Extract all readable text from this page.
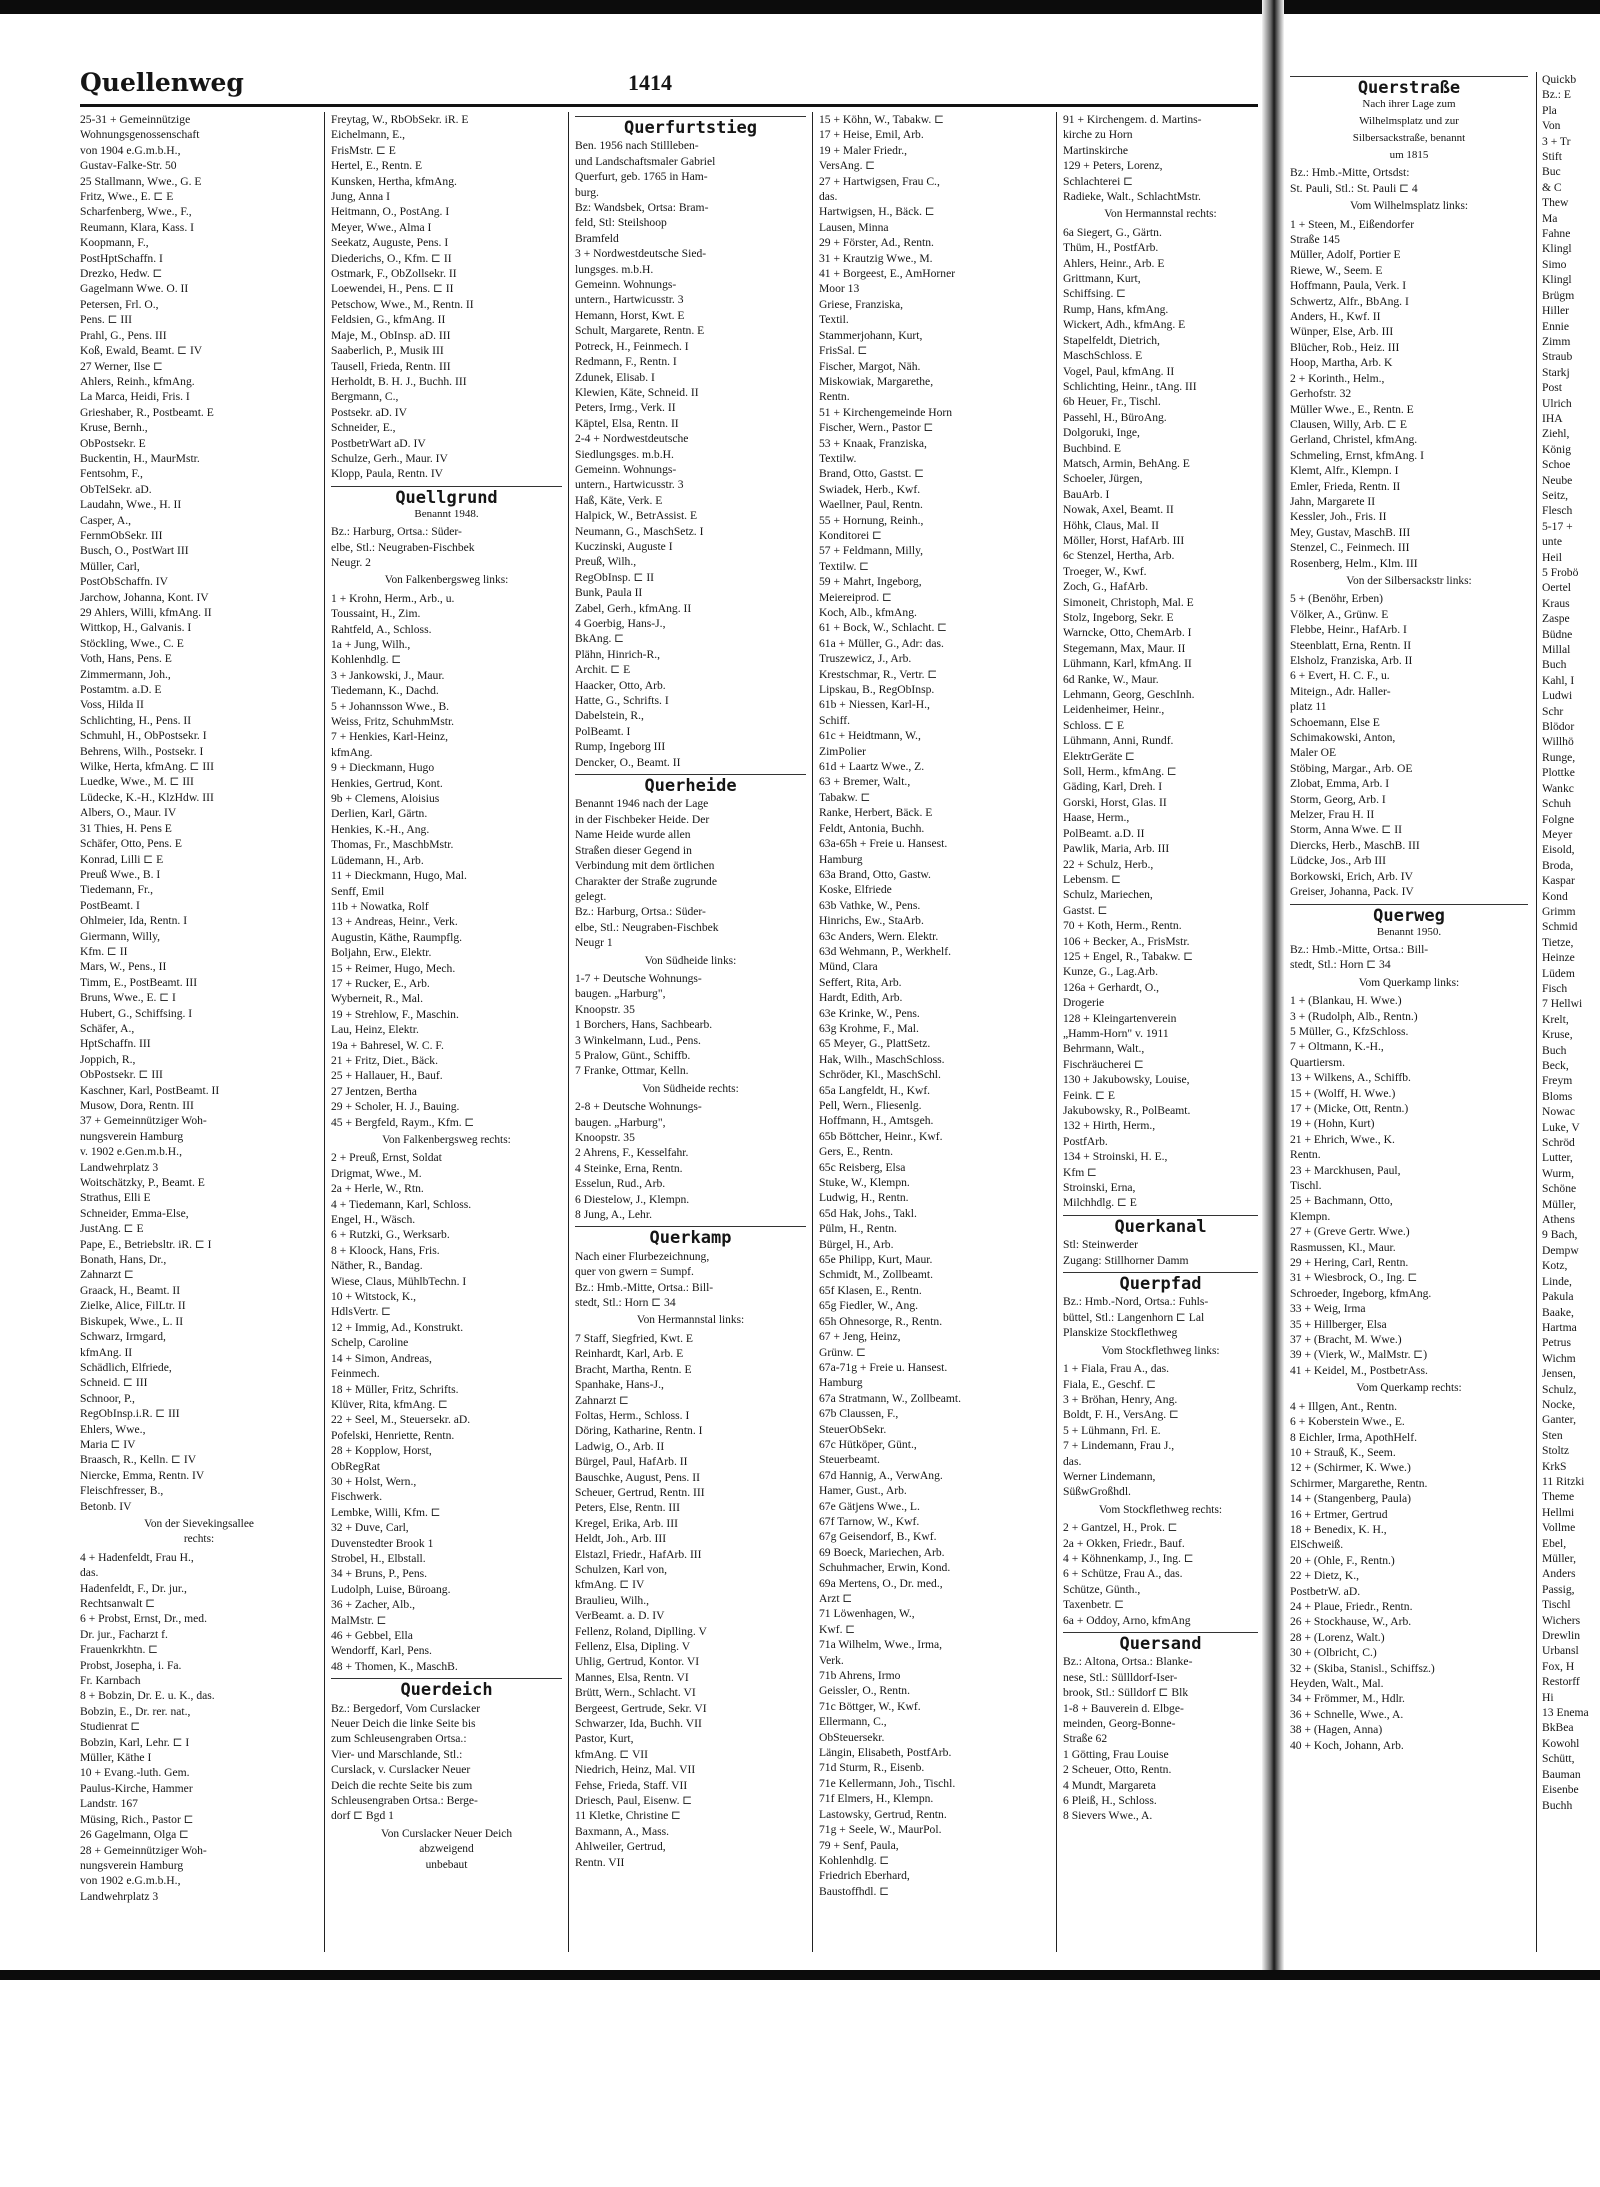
Quellenweg	1414
25-31 + Gemeinnützige
Wohnungsgenossenschaft
von 1904 e.G.m.b.H.,
Gustav-Falke-Str. 50
25 Stallmann, Wwe., G. E
Fritz, Wwe., E. ⊏ E
Scharfenberg, Wwe., F.,
Reumann, Klara, Kass. I
Koopmann, F.,
PostHptSchaffn. I
Drezko, Hedw. ⊏
Gagelmann Wwe. O. II
Petersen, Frl. O.,
Pens. ⊏ III
Prahl, G., Pens. III
Koß, Ewald, Beamt. ⊏ IV
27 Werner, Ilse ⊏
Ahlers, Reinh., kfmAng.
La Marca, Heidi, Fris. I
Grieshaber, R., Postbeamt. E
Kruse, Bernh.,
ObPostsekr. E
Buckentin, H., MaurMstr.
Fentsohm, F.,
ObTelSekr. aD.
Laudahn, Wwe., H. II
Casper, A.,
FernmObSekr. III
Busch, O., PostWart III
Müller, Carl,
PostObSchaffn. IV
Jarchow, Johanna, Kont. IV
29 Ahlers, Willi, kfmAng. II
Wittkop, H., Galvanis. I
Stöckling, Wwe., C. E
Voth, Hans, Pens. E
Zimmermann, Joh.,
Postamtm. a.D. E
Voss, Hilda II
Schlichting, H., Pens. II
Schmuhl, H., ObPostsekr. I
Behrens, Wilh., Postsekr. I
Wilke, Herta, kfmAng. ⊏ III
Luedke, Wwe., M. ⊏ III
Lüdecke, K.-H., KlzHdw. III
Albers, O., Maur. IV
31 Thies, H. Pens E
Schäfer, Otto, Pens. E
Konrad, Lilli ⊏ E
Preuß Wwe., B. I
Tiedemann, Fr.,
PostBeamt. I
Ohlmeier, Ida, Rentn. I
Giermann, Willy,
Kfm. ⊏ II
Mars, W., Pens., II
Timm, E., PostBeamt. III
Bruns, Wwe., E. ⊏ I
Hubert, G., Schiffsing. I
Schäfer, A.,
HptSchaffn. III
Joppich, R.,
ObPostsekr. ⊏ III
Kaschner, Karl, PostBeamt. II
Musow, Dora, Rentn. III
37 + Gemeinnütziger Woh-
nungsverein Hamburg
v. 1902 e.Gen.m.b.H.,
Landwehrplatz 3
Woitschätzky, P., Beamt. E
Strathus, Elli E
Schneider, Emma-Else,
JustAng. ⊏ E
Pape, E., Betriebsltr. iR. ⊏ I
Bonath, Hans, Dr.,
Zahnarzt ⊏
Graack, H., Beamt. II
Zielke, Alice, FilLtr. II
Biskupek, Wwe., L. II
Schwarz, Irmgard,
kfmAng. II
Schädlich, Elfriede,
Schneid. ⊏ III
Schnoor, P.,
RegObInsp.i.R. ⊏ III
Ehlers, Wwe.,
Maria ⊏ IV
Braasch, R., Kelln. ⊏ IV
Niercke, Emma, Rentn. IV
Fleischfresser, B.,
Betonb. IV
Von der Sievekingsallee
rechts:
4 + Hadenfeldt, Frau H.,
das.
Hadenfeldt, F., Dr. jur.,
Rechtsanwalt ⊏
6 + Probst, Ernst, Dr., med.
Dr. jur., Facharzt f.
Frauenkrkhtn. ⊏
Probst, Josepha, i. Fa.
Fr. Karnbach
8 + Bobzin, Dr. E. u. K., das.
Bobzin, E., Dr. rer. nat.,
Studienrat ⊏
Bobzin, Karl, Lehr. ⊏ I
Müller, Käthe I
10 + Evang.-luth. Gem.
Paulus-Kirche, Hammer
Landstr. 167
Müsing, Rich., Pastor ⊏
26 Gagelmann, Olga ⊏
28 + Gemeinnütziger Woh-
nungsverein Hamburg
von 1902 e.G.m.b.H.,
Landwehrplatz 3
Freytag, W., RbObSekr. iR. E
Eichelmann, E.,
FrisMstr. ⊏ E
Hertel, E., Rentn. E
Kunsken, Hertha, kfmAng.
Jung, Anna I
Heitmann, O., PostAng. I
Meyer, Wwe., Alma I
Seekatz, Auguste, Pens. I
Diederichs, O., Kfm. ⊏ II
Ostmark, F., ObZollsekr. II
Loewendei, H., Pens. ⊏ II
Petschow, Wwe., M., Rentn. II
Feldsien, G., kfmAng. II
Maje, M., ObInsp. aD. III
Saaberlich, P., Musik III
Tausell, Frieda, Rentn. III
Herholdt, B. H. J., Buchh. III
Bergmann, C.,
Postsekr. aD. IV
Schneider, E.,
PostbetrWart aD. IV
Schulze, Gerh., Maur. IV
Klopp, Paula, Rentn. IV
Quellgrund
Benannt 1948.
Bz.: Harburg, Ortsa.: Süder-
elbe, Stl.: Neugraben-Fischbek
Neugr. 2
Von Falkenbergsweg links:
1 + Krohn, Herm., Arb., u.
Toussaint, H., Zim.
Rahtfeld, A., Schloss.
1a + Jung, Wilh.,
Kohlenhdlg. ⊏
3 + Jankowski, J., Maur.
Tiedemann, K., Dachd.
5 + Johannsson Wwe., B.
Weiss, Fritz, SchuhmMstr.
7 + Henkies, Karl-Heinz,
kfmAng.
9 + Dieckmann, Hugo
Henkies, Gertrud, Kont.
9b + Clemens, Aloisius
Derlien, Karl, Gärtn.
Henkies, K.-H., Ang.
Thomas, Fr., MaschbMstr.
Lüdemann, H., Arb.
11 + Dieckmann, Hugo, Mal.
Senff, Emil
11b + Nowatka, Rolf
13 + Andreas, Heinr., Verk.
Augustin, Käthe, Raumpflg.
Boljahn, Erw., Elektr.
15 + Reimer, Hugo, Mech.
17 + Rucker, E., Arb.
Wyberneit, R., Mal.
19 + Strehlow, F., Maschin.
Lau, Heinz, Elektr.
19a + Bahresel, W. C. F.
21 + Fritz, Diet., Bäck.
25 + Hallauer, H., Bauf.
27 Jentzen, Bertha
29 + Scholer, H. J., Bauing.
45 + Bergfeld, Raym., Kfm. ⊏
Von Falkenbergsweg rechts:
2 + Preuß, Ernst, Soldat
Drigmat, Wwe., M.
2a + Herle, W., Rtn.
4 + Tiedemann, Karl, Schloss.
Engel, H., Wäsch.
6 + Rutzki, G., Werksarb.
8 + Kloock, Hans, Fris.
Näther, R., Bandag.
Wiese, Claus, MühlbTechn. I
10 + Witstock, K.,
HdlsVertr. ⊏
12 + Immig, Ad., Konstrukt.
Schelp, Caroline
14 + Simon, Andreas,
Feinmech.
18 + Müller, Fritz, Schrifts.
Klüver, Rita, kfmAng. ⊏
22 + Seel, M., Steuersekr. aD.
Pofelski, Henriette, Rentn.
28 + Kopplow, Horst,
ObRegRat
30 + Holst, Wern.,
Fischwerk.
Lembke, Willi, Kfm. ⊏
32 + Duve, Carl,
Duvenstedter Brook 1
Strobel, H., Elbstall.
34 + Bruns, P., Pens.
Ludolph, Luise, Büroang.
36 + Zacher, Alb.,
MalMstr. ⊏
46 + Gebbel, Ella
Wendorff, Karl, Pens.
48 + Thomen, K., MaschB.
Querdeich
Bz.: Bergedorf, Vom Curslacker
Neuer Deich die linke Seite bis
zum Schleusengraben Ortsa.:
Vier- und Marschlande, Stl.:
Curslack, v. Curslacker Neuer
Deich die rechte Seite bis zum
Schleusengraben Ortsa.: Berge-
dorf ⊏ Bgd 1
Von Curslacker Neuer Deich
abzweigend
unbebaut
Querfurtstieg
Ben. 1956 nach Stillleben-
und Landschaftsmaler Gabriel
Querfurt, geb. 1765 in Ham-
burg.
Bz: Wandsbek, Ortsa: Bram-
feld, Stl: Steilshoop
Bramfeld
3 + Nordwestdeutsche Sied-
lungsges. m.b.H.
Gemeinn. Wohnungs-
untern., Hartwicusstr. 3
Hemann, Horst, Kwt. E
Schult, Margarete, Rentn. E
Potreck, H., Feinmech. I
Redmann, F., Rentn. I
Zdunek, Elisab. I
Klewien, Käte, Schneid. II
Peters, Irmg., Verk. II
Käptel, Elsa, Rentn. II
2-4 + Nordwestdeutsche
Siedlungsges. m.b.H.
Gemeinn. Wohnungs-
untern., Hartwicusstr. 3
Haß, Käte, Verk. E
Halpick, W., BetrAssist. E
Neumann, G., MaschSetz. I
Kuczinski, Auguste I
Preuß, Wilh.,
RegObInsp. ⊏ II
Bunk, Paula II
Zabel, Gerh., kfmAng. II
4 Goerbig, Hans-J.,
BkAng. ⊏
Plähn, Hinrich-R.,
Archit. ⊏ E
Haacker, Otto, Arb.
Hatte, G., Schrifts. I
Dabelstein, R.,
PolBeamt. I
Rump, Ingeborg III
Dencker, O., Beamt. II
Querheide
Benannt 1946 nach der Lage
in der Fischbeker Heide. Der
Name Heide wurde allen
Straßen dieser Gegend in
Verbindung mit dem örtlichen
Charakter der Straße zugrunde
gelegt.
Bz.: Harburg, Ortsa.: Süder-
elbe, Stl.: Neugraben-Fischbek
Neugr 1
Von Südheide links:
1-7 + Deutsche Wohnungs-
baugen. „Harburg",
Knoopstr. 35
1 Borchers, Hans, Sachbearb.
3 Winkelmann, Lud., Pens.
5 Pralow, Günt., Schiffb.
7 Franke, Ottmar, Kelln.
Von Südheide rechts:
2-8 + Deutsche Wohnungs-
baugen. „Harburg",
Knoopstr. 35
2 Ahrens, F., Kesselfahr.
4 Steinke, Erna, Rentn.
Esselun, Rud., Arb.
6 Diestelow, J., Klempn.
8 Jung, A., Lehr.
Querkamp
Nach einer Flurbezeichnung,
quer von gwern = Sumpf.
Bz.: Hmb.-Mitte, Ortsa.: Bill-
stedt, Stl.: Horn ⊏ 34
Von Hermannstal links:
7 Staff, Siegfried, Kwt. E
Reinhardt, Karl, Arb. E
Bracht, Martha, Rentn. E
Spanhake, Hans-J.,
Zahnarzt ⊏
Foltas, Herm., Schloss. I
Döring, Katharine, Rentn. I
Ladwig, O., Arb. II
Bürgel, Paul, HafArb. II
Bauschke, August, Pens. II
Scheuer, Gertrud, Rentn. III
Peters, Else, Rentn. III
Kregel, Erika, Arb. III
Heldt, Joh., Arb. III
Elstazl, Friedr., HafArb. III
Schulzen, Karl von,
kfmAng. ⊏ IV
Braulieu, Wilh.,
VerBeamt. a. D. IV
Fellenz, Roland, Diplling. V
Fellenz, Elsa, Dipling. V
Uhlig, Gertrud, Kontor. VI
Mannes, Elsa, Rentn. VI
Brütt, Wern., Schlacht. VI
Bergeest, Gertrude, Sekr. VI
Schwarzer, Ida, Buchh. VII
Pastor, Kurt,
kfmAng. ⊏ VII
Niedrich, Heinz, Mal. VII
Fehse, Frieda, Staff. VII
Driesch, Paul, Eisenw. ⊏
11 Kletke, Christine ⊏
Baxmann, A., Mass.
Ahlweiler, Gertrud,
Rentn. VII
15 + Köhn, W., Tabakw. ⊏
17 + Heise, Emil, Arb.
19 + Maler Friedr.,
VersAng. ⊏
27 + Hartwigsen, Frau C.,
das.
Hartwigsen, H., Bäck. ⊏
Lausen, Minna
29 + Förster, Ad., Rentn.
31 + Krautzig Wwe., M.
41 + Borgeest, E., AmHorner
Moor 13
Griese, Franziska,
Textil.
Stammerjohann, Kurt,
FrisSal. ⊏
Fischer, Margot, Näh.
Miskowiak, Margarethe,
Rentn.
51 + Kirchengemeinde Horn
Fischer, Wern., Pastor ⊏
53 + Knaak, Franziska,
Textilw.
Brand, Otto, Gastst. ⊏
Swiadek, Herb., Kwf.
Waellner, Paul, Rentn.
55 + Hornung, Reinh.,
Konditorei ⊏
57 + Feldmann, Milly,
Textilw. ⊏
59 + Mahrt, Ingeborg,
Meiereiprod. ⊏
Koch, Alb., kfmAng.
61 + Bock, W., Schlacht. ⊏
61a + Müller, G., Adr: das.
Truszewicz, J., Arb.
Krestschmar, R., Vertr. ⊏
Lipskau, B., RegObInsp.
61b + Niessen, Karl-H.,
Schiff.
61c + Heidtmann, W.,
ZimPolier
61d + Laartz Wwe., Z.
63 + Bremer, Walt.,
Tabakw. ⊏
Ranke, Herbert, Bäck. E
Feldt, Antonia, Buchh.
63a-65h + Freie u. Hansest.
Hamburg
63a Brand, Otto, Gastw.
Koske, Elfriede
63b Vathke, W., Pens.
Hinrichs, Ew., StaArb.
63c Anders, Wern. Elektr.
63d Wehmann, P., Werkhelf.
Münd, Clara
Seffert, Rita, Arb.
Hardt, Edith, Arb.
63e Krinke, W., Pens.
63g Krohme, F., Mal.
65 Meyer, G., PlattSetz.
Hak, Wilh., MaschSchloss.
Schröder, Kl., MaschSchl.
65a Langfeldt, H., Kwf.
Pell, Wern., Fliesenlg.
Hoffmann, H., Amtsgeh.
65b Böttcher, Heinr., Kwf.
Gers, E., Rentn.
65c Reisberg, Elsa
Stuke, W., Klempn.
Ludwig, H., Rentn.
65d Hak, Johs., Takl.
Pülm, H., Rentn.
Bürgel, H., Arb.
65e Philipp, Kurt, Maur.
Schmidt, M., Zollbeamt.
65f Klasen, E., Rentn.
65g Fiedler, W., Ang.
65h Ohnesorge, R., Rentn.
67 + Jeng, Heinz,
Grünw. ⊏
67a-71g + Freie u. Hansest.
Hamburg
67a Stratmann, W., Zollbeamt.
67b Claussen, F.,
SteuerObSekr.
67c Hütköper, Günt.,
Steuerbeamt.
67d Hannig, A., VerwAng.
Hamer, Gust., Arb.
67e Gätjens Wwe., L.
67f Tarnow, W., Kwf.
67g Geisendorf, B., Kwf.
69 Boeck, Mariechen, Arb.
Schuhmacher, Erwin, Kond.
69a Mertens, O., Dr. med.,
Arzt ⊏
71 Löwenhagen, W.,
Kwf. ⊏
71a Wilhelm, Wwe., Irma,
Verk.
71b Ahrens, Irmo
Geissler, O., Rentn.
71c Böttger, W., Kwf.
Ellermann, C.,
ObSteuersekr.
Längin, Elisabeth, PostfArb.
71d Sturm, R., Eisenb.
71e Kellermann, Joh., Tischl.
71f Elmers, H., Klempn.
Lastowsky, Gertrud, Rentn.
71g + Seele, W., MaurPol.
79 + Senf, Paula,
Kohlenhdlg. ⊏
Friedrich Eberhard,
Baustoffhdl. ⊏
91 + Kirchengem. d. Martins-
kirche zu Horn
Martinskirche
129 + Peters, Lorenz,
Schlachterei ⊏
Radieke, Walt., SchlachtMstr.
Von Hermannstal rechts:
6a Siegert, G., Gärtn.
Thüm, H., PostfArb.
Ahlers, Heinr., Arb. E
Grittmann, Kurt,
Schiffsing. ⊏
Rump, Hans, kfmAng.
Wickert, Adh., kfmAng. E
Stapelfeldt, Dietrich,
MaschSchloss. E
Vogel, Paul, kfmAng. II
Schlichting, Heinr., tAng. III
6b Heuer, Fr., Tischl.
Passehl, H., BüroAng.
Dolgoruki, Inge,
Buchbind. E
Matsch, Armin, BehAng. E
Schoeler, Jürgen,
BauArb. I
Nowak, Axel, Beamt. II
Höhk, Claus, Mal. II
Möller, Horst, HafArb. III
6c Stenzel, Hertha, Arb.
Troeger, W., Kwf.
Zoch, G., HafArb.
Simoneit, Christoph, Mal. E
Stolz, Ingeborg, Sekr. E
Warncke, Otto, ChemArb. I
Stegemann, Max, Maur. II
Lühmann, Karl, kfmAng. II
6d Ranke, W., Maur.
Lehmann, Georg, GeschInh.
Leidenheimer, Heinr.,
Schloss. ⊏ E
Lühmann, Anni, Rundf.
ElektrGeräte ⊏
Soll, Herm., kfmAng. ⊏
Gäding, Karl, Dreh. I
Gorski, Horst, Glas. II
Haase, Herm.,
PolBeamt. a.D. II
Pawlik, Maria, Arb. III
22 + Schulz, Herb.,
Lebensm. ⊏
Schulz, Mariechen,
Gastst. ⊏
70 + Koth, Herm., Rentn.
106 + Becker, A., FrisMstr.
125 + Engel, R., Tabakw. ⊏
Kunze, G., Lag.Arb.
126a + Gerhardt, O.,
Drogerie
128 + Kleingartenverein
„Hamm-Horn" v. 1911
Behrmann, Walt.,
Fischräucherei ⊏
130 + Jakubowsky, Louise,
Feink. ⊏ E
Jakubowsky, R., PolBeamt.
132 + Hirth, Herm.,
PostfArb.
134 + Stroinski, H. E.,
Kfm ⊏
Stroinski, Erna,
Milchhdlg. ⊏ E
Querkanal
Stl: Steinwerder
Zugang: Stillhorner Damm
Querpfad
Bz.: Hmb.-Nord, Ortsa.: Fuhls-
büttel, Stl.: Langenhorn ⊏ Lal
Planskize Stockflethweg
Vom Stockflethweg links:
1 + Fiala, Frau A., das.
Fiala, E., Geschf. ⊏
3 + Bröhan, Henry, Ang.
Boldt, F. H., VersAng. ⊏
5 + Lühmann, Frl. E.
7 + Lindemann, Frau J.,
das.
Werner Lindemann,
SüßwGroßhdl.
Vom Stockflethweg rechts:
2 + Gantzel, H., Prok. ⊏
2a + Okken, Friedr., Bauf.
4 + Köhnenkamp, J., Ing. ⊏
6 + Schütze, Frau A., das.
Schütze, Günth.,
Taxenbetr. ⊏
6a + Oddoy, Arno, kfmAng
Quersand
Bz.: Altona, Ortsa.: Blanke-
nese, Stl.: Süllldorf-Iser-
brook, Stl.: Sülldorf ⊏ Blk
1-8 + Bauverein d. Elbge-
meinden, Georg-Bonne-
Straße 62
1 Götting, Frau Louise
2 Scheuer, Otto, Rentn.
4 Mundt, Margareta
6 Pleiß, H., Schloss.
8 Sievers Wwe., A.
Querstraße
Nach ihrer Lage zum
Wilhelmsplatz und zur
Silbersackstraße, benannt
um 1815
Bz.: Hmb.-Mitte, Ortsdst:
St. Pauli, Stl.: St. Pauli ⊏ 4
Vom Wilhelmsplatz links:
1 + Steen, M., Eißendorfer
Straße 145
Müller, Adolf, Portier E
Riewe, W., Seem. E
Hoffmann, Paula, Verk. I
Schwertz, Alfr., BbAng. I
Anders, H., Kwf. II
Wünper, Else, Arb. III
Blücher, Rob., Heiz. III
Hoop, Martha, Arb. K
2 + Korinth., Helm.,
Gerhofstr. 32
Müller Wwe., E., Rentn. E
Clausen, Willy, Arb. ⊏ E
Gerland, Christel, kfmAng.
Schmeling, Ernst, kfmAng. I
Klemt, Alfr., Klempn. I
Emler, Frieda, Rentn. II
Jahn, Margarete II
Kessler, Joh., Fris. II
Mey, Gustav, MaschB. III
Stenzel, C., Feinmech. III
Rosenberg, Helm., Klm. III
Von der Silbersackstr links:
5 + (Benöhr, Erben)
Völker, A., Grünw. E
Flebbe, Heinr., HafArb. I
Steenblatt, Erna, Rentn. II
Elsholz, Franziska, Arb. II
6 + Evert, H. C. F., u.
Miteign., Adr. Haller-
platz 11
Schoemann, Else E
Schimakowski, Anton,
Maler OE
Stöbing, Margar., Arb. OE
Zlobat, Emma, Arb. I
Storm, Georg, Arb. I
Melzer, Frau H. II
Storm, Anna Wwe. ⊏ II
Diercks, Herb., MaschB. III
Lüdcke, Jos., Arb III
Borkowski, Erich, Arb. IV
Greiser, Johanna, Pack. IV
Querweg
Benannt 1950.
Bz.: Hmb.-Mitte, Ortsa.: Bill-
stedt, Stl.: Horn ⊏ 34
Vom Querkamp links:
1 + (Blankau, H. Wwe.)
3 + (Rudolph, Alb., Rentn.)
5 Müller, G., KfzSchloss.
7 + Oltmann, K.-H.,
Quartiersm.
13 + Wilkens, A., Schiffb.
15 + (Wolff, H. Wwe.)
17 + (Micke, Ott, Rentn.)
19 + (Hohn, Kurt)
21 + Ehrich, Wwe., K.
Rentn.
23 + Marckhusen, Paul,
Tischl.
25 + Bachmann, Otto,
Klempn.
27 + (Greve Gertr. Wwe.)
Rasmussen, Kl., Maur.
29 + Hering, Carl, Rentn.
31 + Wiesbrock, O., Ing. ⊏
Schroeder, Ingeborg, kfmAng.
33 + Weig, Irma
35 + Hillberger, Elsa
37 + (Bracht, M. Wwe.)
39 + (Vierk, W., MalMstr. ⊏)
41 + Keidel, M., PostbetrAss.
Vom Querkamp rechts:
4 + Illgen, Ant., Rentn.
6 + Koberstein Wwe., E.
8 Eichler, Irma, ApothHelf.
10 + Strauß, K., Seem.
12 + (Schirmer, K. Wwe.)
Schirmer, Margarethe, Rentn.
14 + (Stangenberg, Paula)
16 + Ertmer, Gertrud
18 + Benedix, K. H.,
ElSchweiß.
20 + (Ohle, F., Rentn.)
22 + Dietz, K.,
PostbetrW. aD.
24 + Plaue, Friedr., Rentn.
26 + Stockhause, W., Arb.
28 + (Lorenz, Walt.)
30 + (Olbricht, C.)
32 + (Skiba, Stanisl., Schiffsz.)
Heyden, Walt., Mal.
34 + Frömmer, M., Hdlr.
36 + Schnelle, Wwe., A.
38 + (Hagen, Anna)
40 + Koch, Johann, Arb.
Quickb
Bz.: E
Pla
Von
3 + Tr
Stift
Buc
& C
Thew
Ma
Fahne
Klingl
Simo
Klingl
Brügm
Hiller
Ennie
Zimm
Straub
Starkj
Post
Ulrich
IHA
Ziehl,
König
Schoe
Neube
Seitz,
Flesch
5-17 +
unte
Heil
5 Frobö
Oertel
Kraus
Zaspe
Büdne
Millal
Buch
Kahl, I
Ludwi
Schr
Blödor
Willhö
Runge,
Plottke
Wankc
Schuh
Folgne
Meyer
Eisold,
Broda,
Kaspar
Kond
Grimm
Schmid
Tietze,
Heinze
Lüdem
Fisch
7 Hellwi
Krelt,
Kruse,
Buch
Beck,
Freym
Bloms
Nowac
Luke, V
Schröd
Lutter,
Wurm,
Schöne
Müller,
Athens
9 Bach,
Dempw
Kotz,
Linde,
Pakula
Baake,
Hartma
Petrus
Wichm
Jensen,
Schulz,
Nocke,
Ganter,
Sten
Stoltz
KrkS
11 Ritzki
Theme
Hellmi
Vollme
Ebel,
Müller,
Anders
Passig,
Tischl
Wichers
Drewlin
Urbansl
Fox, H
Restorff
Hi
13 Enema
BkBea
Kowohl
Schütt,
Bauman
Eisenbe
Buchh
